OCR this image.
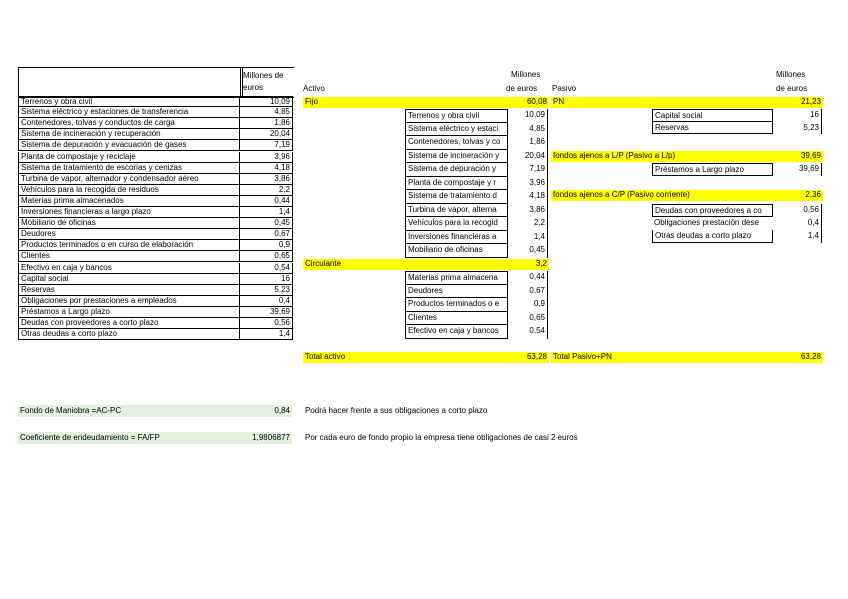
Millones de
euros
Terrenos y obra civil	10,09
Sistema eléctrico y estaciones de transferencia	4,85
Contenedores, tolvas y conductos de carga	1,86
Sistema de incineración y recuperación	20,04
Sistema de depuración y evacuación de gases	7,19
Planta de compostaje y reciclaje	3,96
Sistema de tratamiento de escorias y cenizas	4,18
Turbina de vapor, alternador y condensador aéreo	3,86
Vehículos para la recogida de residuos	2,2
Materias prima almacenados	0,44
Inversiones financieras a largo plazo	1,4
Mobiliario de oficinas	0,45
Deudores	0,67
Productos terminados o en curso de elaboración	0,9
Clientes	0,65
Efectivo en caja y bancos	0,54
Capital social	16
Reservas	5,23
Obligaciones por prestaciones a empleados	0,4
Préstamos a Largo plazo	39,69
Deudas con proveedores a corto plazo	0,56
Otras deudas a corto plazo	1,4
Activo
Millones
de euros
Fijo	60,08
Terrenos y obra civil	10,09
Sistema eléctrico y estaci	4,85
Contenedores, tolvas y co	1,86
Sistema de incineración y	20,04
Sistema de depuración y	7,19
Planta de compostaje y r	3,96
Sistema de tratamiento d	4,18
Turbina de vapor, alterna	3,86
Vehículos para la recogid	2,2
Inversiones financieras a	1,4
Mobiliario de oficinas	0,45
Circulante	3,2
Materias prima almacena	0,44
Deudores	0,67
Productos terminados o e	0,9
Clientes	0,65
Efectivo en caja y bancos	0,54
Total activo	63,28
Pasivo
Millones
de euros
PN	21,23
Capital social	16
Reservas	5,23
fondos ajenos a L/P (Pasivo a L/p)	39,69
Préstamos a Largo plazo	39,69
fondos ajenos a C/P (Pasivo corriente)	2,36
Deudas con proveedores a co	0,56
Obligaciones prestación dese	0,4
Otras deudas a corto plazo	1,4
Total Pasivo+PN	63,28
Fondo de Maniobra =AC-PC	0,84 Podrá hacer frente a sus obligaciones a corto plazo
Coeficiente de endeudamiento = FA/FP	1,9806877 Por cada euro de fondo propio la empresa tiene obligaciones de casi 2 euros
